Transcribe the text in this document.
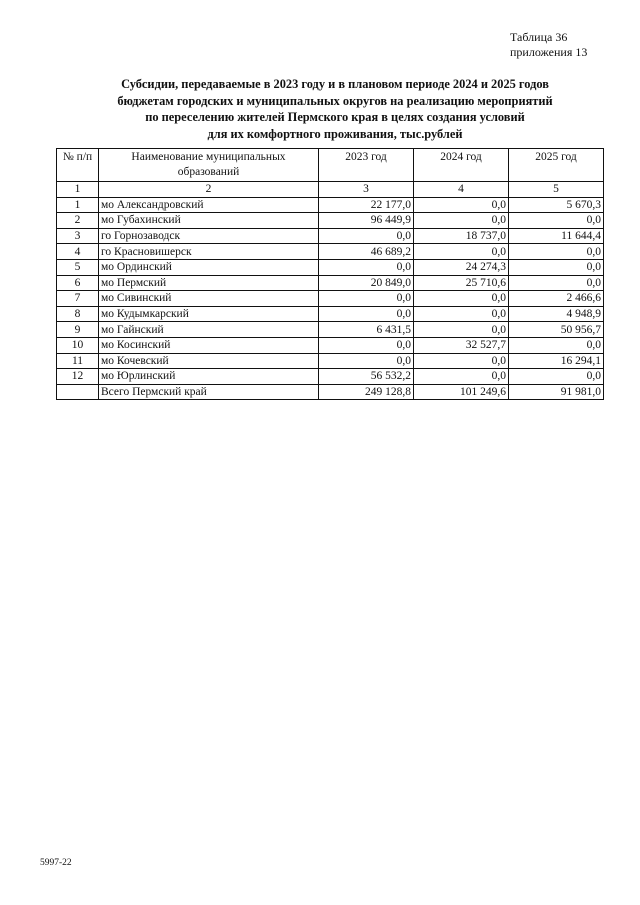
Таблица 36
приложения 13
Субсидии, передаваемые в 2023 году и в плановом периоде 2024 и 2025 годов
бюджетам городских и муниципальных округов на реализацию мероприятий
по переселению жителей Пермского края в целях создания условий
для их комфортного проживания, тыс.рублей
№ п/п	Наименование муниципальных образований	2023 год	2024 год	2025 год
1	2	3	4	5
1	мо Александровский	22 177,0	0,0	5 670,3
2	мо Губахинский	96 449,9	0,0	0,0
3	го Горнозаводск	0,0	18 737,0	11 644,4
4	го Красновишерск	46 689,2	0,0	0,0
5	мо Ординский	0,0	24 274,3	0,0
6	мо Пермский	20 849,0	25 710,6	0,0
7	мо Сивинский	0,0	0,0	2 466,6
8	мо Кудымкарский	0,0	0,0	4 948,9
9	мо Гайнский	6 431,5	0,0	50 956,7
10	мо Косинский	0,0	32 527,7	0,0
11	мо Кочевский	0,0	0,0	16 294,1
12	мо Юрлинский	56 532,2	0,0	0,0
	Всего Пермский край	249 128,8	101 249,6	91 981,0
5997-22
